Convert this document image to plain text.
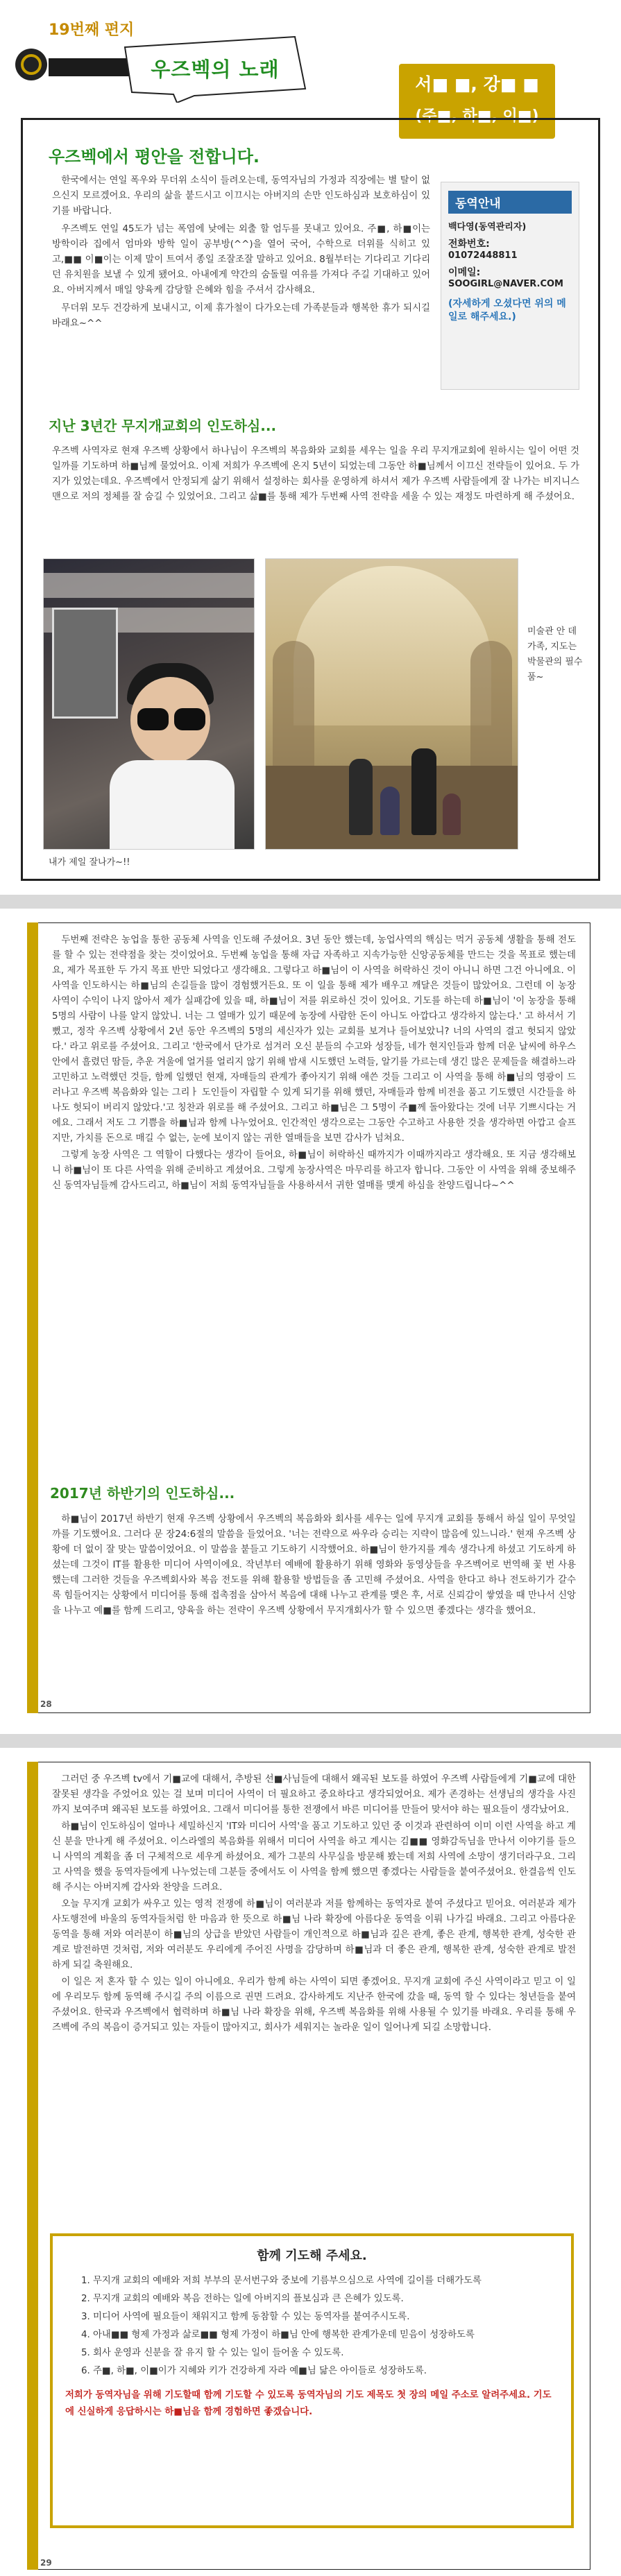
19번째 편지
우즈벡의 노래
서■ ■, 강■ ■
(주■, 하■, 이■)
우즈벡에서 평안을 전합니다.

한국에서는 연일 폭우와 무더위 소식이 들려오는데, 동역자님의 가정과 직장에는 별 탈이 없으신지 모르겠어요. 우리의 삶을 붙드시고 이끄시는 아버지의 손만 인도하심과 보호하심이 있기를 바랍니다.

우즈벡도 연일 45도가 넘는 폭염에 낮에는 외출 할 엄두를 못내고 있어요. 주■, 하■이는 방학이라 집에서 엄마와 방학 일이 공부방(^^)을 열어 국어, 수학으로 더위를 식히고 있고,■■ 이■이는 이제 말이 트여서 종일 조잘조잘 말하고 있어요. 8월부터는 기다리고 기다리던 유치원을 보낼 수 있게 됐어요. 아내에게 약간의 숨돌릴 여유를 가져다 주길 기대하고 있어요. 아버지께서 매일 양육케 감당할 은혜와 힘을 주셔서 감사해요.

무더위 모두 건강하게 보내시고, 이제 휴가철이 다가오는데 가족분들과 행복한 휴가 되시길 바래요~^^

동역안내
백다영(동역관리자)
전화번호:
01072448811
이메일:
SOOGIRL@NAVER.COM
(자세하게 오셨다면 위의 메일로 해주세요.)
지난 3년간 무지개교회의 인도하심...
우즈벡 사역자로 현재 우즈벡 상황에서 하나님이 우즈벡의 복음화와 교회를 세우는 일을 우리 무지개교회에 원하시는 일이 어떤 것일까를 기도하며 하■님께 물었어요. 이제 저희가 우즈벡에 온지 5년이 되었는데 그동안 하■님께서 이끄신 전략들이 있어요. 두 가지가 있었는데요. 우즈벡에서 안정되게 삶기 위해서 설정하는 회사를 운영하게 하셔서 제가 우즈벡 사람들에게 잘 나가는 비지니스맨으로 저의 정체를 잘 숨길 수 있었어요. 그리고 삶■를 통해 제가 두번째 사역 전략을 세울 수 있는 재정도 마련하게 해 주셨어요.
미술관 안 데가족, 지도는 박물관의 필수품~
내가 제일 잘나가~!!

두번째 전략은 농업을 통한 공동체 사역을 인도해 주셨어요. 3년 동안 했는데, 농업사역의 핵심는 먹거 공동체 생활을 통해 전도를 할 수 있는 전략점을 찾는 것이었어요. 두번째 농업을 통해 자급 자족하고 지속가능한 신앙공동체를 만드는 것을 목표로 했는데요, 제가 목표한 두 가지 목표 반만 되었다고 생각해요. 그렇다고 하■님이 이 사역을 허락하신 것이 아니니 하면 그건 아니에요. 이 사역을 인도하시는 하■님의 손길들을 많이 경험했거든요. 또 이 일을 통해 제가 배우고 깨달은 것들이 많았어요. 그런데 이 농장 사역이 수익이 나지 않아서 제가 실패감에 있을 때, 하■님이 저를 위로하신 것이 있어요. 기도를 하는데 하■님이 '이 농장을 통해 5명의 사람이 나를 알지 않았니. 너는 그 열매가 있기 때문에 농장에 사람한 돈이 아니도 아깝다고 생각하지 않는다.' 고 하셔서 기뻤고, 정작 우즈벡 상황에서 2년 동안 우즈벡의 5명의 세신자가 있는 교회를 보겨나 들어보았니? 너의 사역의 결고 헛되지 않았다.' 라고 위로를 주셨어요. 그리고 '한국에서 단가로 섬겨러 오신 분들의 수고와 성장들, 네가 현지인들과 함께 더운 날씨에 하우스 안에서 흘렸던 땀들, 추운 겨울에 얼거를 얼리지 않기 위해 밤새 시도했던 노력들, 알기를 가르는데 생긴 많은 문제들을 해결하느라 고민하고 노력했던 것들, 함께 일했던 현재, 자매들의 관계가 좋아지기 위해 애쓴 것들 그리고 이 사역을 통해 하■님의 영광이 드러나고 우즈벡 복음화와 일는 그리ㅏ 도인들이 자립할 수 있게 되기를 위해 했던, 자매들과 함께 비전을 품고 기도했던 시간들을 하나도 헛되이 버리지 않았다.'고 칭찬과 위로를 해 주셨어요. 그리고 하■님은 그 5명이 주■께 돌아왔다는 것에 너무 기쁘시다는 거에요. 그래서 저도 그 기쁨을 하■님과 함께 나누었어요. 인간적인 생각으로는 그동안 수고하고 사용한 것을 생각하면 아깝고 슬프지만, 가치를 돈으로 매길 수 없는, 눈에 보이지 않는 귀한 열매들을 보면 감사가 넘쳐요.

그렇게 농장 사역은 그 역할이 다했다는 생각이 들어요, 하■님이 허락하신 때까지가 이때까지라고 생각해요. 또 지금 생각해보니 하■님이 또 다른 사역을 위해 준비하고 계셨어요. 그렇게 농장사역은 마무리를 하고자 합니다. 그동안 이 사역을 위해 중보해주신 동역자님들께 감사드리고, 하■님이 저희 동역자님들을 사용하셔서 귀한 열매를 맺게 하심을 찬양드립니다~^^

2017년 하반기의 인도하심...

하■님이 2017년 하반기 현재 우즈벡 상황에서 우즈벡의 복음화와 회사를 세우는 일에 무지개 교회를 통해서 하실 일이 무엇일까를 기도했어요. 그러다 문 장24:6절의 말씀을 들었어요. '너는 전략으로 싸우라 승리는 지략이 많음에 있느니라.' 현재 우즈벡 상황에 더 없이 잘 맞는 말씀이었어요. 이 말씀을 붙들고 기도하기 시작했어요. 하■님이 한가지를 계속 생각나게 하셨고 기도하게 하셨는데 그것이 IT를 활용한 미디어 사역이에요. 작년부터 예배에 활용하기 위해 영화와 동영상들을 우즈벡어로 번역해 꽃 번 사용했는데 그러한 것들을 우즈벡회사와 복음 전도를 위해 활용할 방법들을 좀 고민해 주셨어요. 사역을 한다고 하나 전도하기가 갈수록 힘들어지는 상황에서 미디어를 통해 접촉점을 삼아서 복음에 대해 나누고 관계를 맺은 후, 서로 신뢰감이 쌓였을 때 만나서 신앙을 나누고 예■를 함께 드리고, 양육을 하는 전략이 우즈벡 상황에서 무지개회사가 할 수 있으면 좋겠다는 생각을 했어요.

28

그러던 중 우즈벡 tv에서 기■교에 대해서, 추방된 선■사님들에 대해서 왜곡된 보도를 하였어 우즈벡 사람들에게 기■교에 대한 잘못된 생각을 주었어요 있는 걸 보며 미디어 사역이 더 필요하고 중요하다고 생각되었어요. 제가 존경하는 선생님의 생각을 사진까지 보여주며 왜곡된 보도를 하였어요. 그래서 미디어를 통한 전쟁에서 바른 미디어를 만들어 맞서야 하는 필요들이 생각났어요.

하■님이 인도하심이 얼마나 세밀하신지 'IT와 미디어 사역'을 품고 기도하고 있던 중 이것과 관련하여 이미 이런 사역을 하고 계신 분을 만나게 해 주셨어요. 이스라엘의 복음화를 위해서 미디어 사역을 하고 계시는 김■■ 영화감독님을 만나서 이야기를 들으니 사역의 계획을 좀 더 구체적으로 세우게 하셨어요. 제가 그분의 사무실을 방문해 봤는데 저희 사역에 소망이 생기더라구요. 그리고 사역을 했을 동역자들에게 나누었는데 그분들 중에서도 이 사역을 함께 했으면 좋겠다는 사람들을 붙여주셨어요. 한결음씩 인도해 주시는 아버지께 감사와 찬양을 드려요.

오늘 무지개 교회가 싸우고 있는 영적 전쟁에 하■님이 여러분과 저를 함께하는 동역자로 붙여 주셨다고 믿어요. 여러분과 제가 사도행전에 바울의 동역자들처럼 한 마음과 한 뜻으로 하■님 나라 확장에 아름다운 동역을 이뤄 나가길 바래요. 그리고 아름다운 동역을 통해 저와 여러분이 하■님의 상급을 받았던 사람들이 개인적으로 하■님과 깊은 관계, 좋은 관계, 행복한 관계, 성숙한 관계로 발전하면 것처럼, 저와 여러분도 우리에게 주어진 사명을 감당하며 하■님과 더 좋은 관계, 행복한 관계, 성숙한 관계로 발전하게 되길 축원해요.

이 일은 저 혼자 할 수 있는 일이 아니에요. 우리가 함께 하는 사역이 되면 좋겠어요. 무지개 교회에 주신 사역이라고 믿고 이 일에 우리모두 함께 동역해 주시길 주의 이름으로 권면 드려요. 감사하게도 지난주 한국에 갔을 때, 동역 할 수 있다는 청년들을 붙여주셨어요. 한국과 우즈벡에서 협력하며 하■님 나라 확장을 위해, 우즈벡 복음화를 위해 사용될 수 있기를 바래요. 우리를 통해 우즈벡에 주의 복음이 증거되고 있는 자들이 많아지고, 회사가 세워지는 놀라운 일이 일어나게 되길 소망합니다.

함께 기도해 주세요.
1. 무지개 교회의 예배와 저희 부부의 문서번구와 중보에 기름부으심으로 사역에 길이를 더해가도록
2. 무지개 교회의 예배와 복음 전하는 일에 아버지의 플보심과 큰 은혜가 있도록.
3. 미디어 사역에 필요들이 채워지고 함께 동참할 수 있는 동역자를 붙여주시도록.
4. 아내■■ 형제 가정과 삶로■■ 형제 가정이 하■님 안에 행복한 관계가운데 믿음이 성장하도록
5. 회사 운영과 신분을 잘 유지 할 수 있는 일이 들어올 수 있도록.
6. 주■, 하■, 이■이가 지혜와 키가 건강하게 자라 예■님 닮은 아이들로 성장하도록.
저희가 동역자님을 위해 기도할때 함께 기도할 수 있도록 동역자님의 기도 제목도 첫 장의 메일 주소로 알려주세요. 기도에 신실하게 응답하시는 하■님을 함께 경험하면 좋겠습니다.
29
